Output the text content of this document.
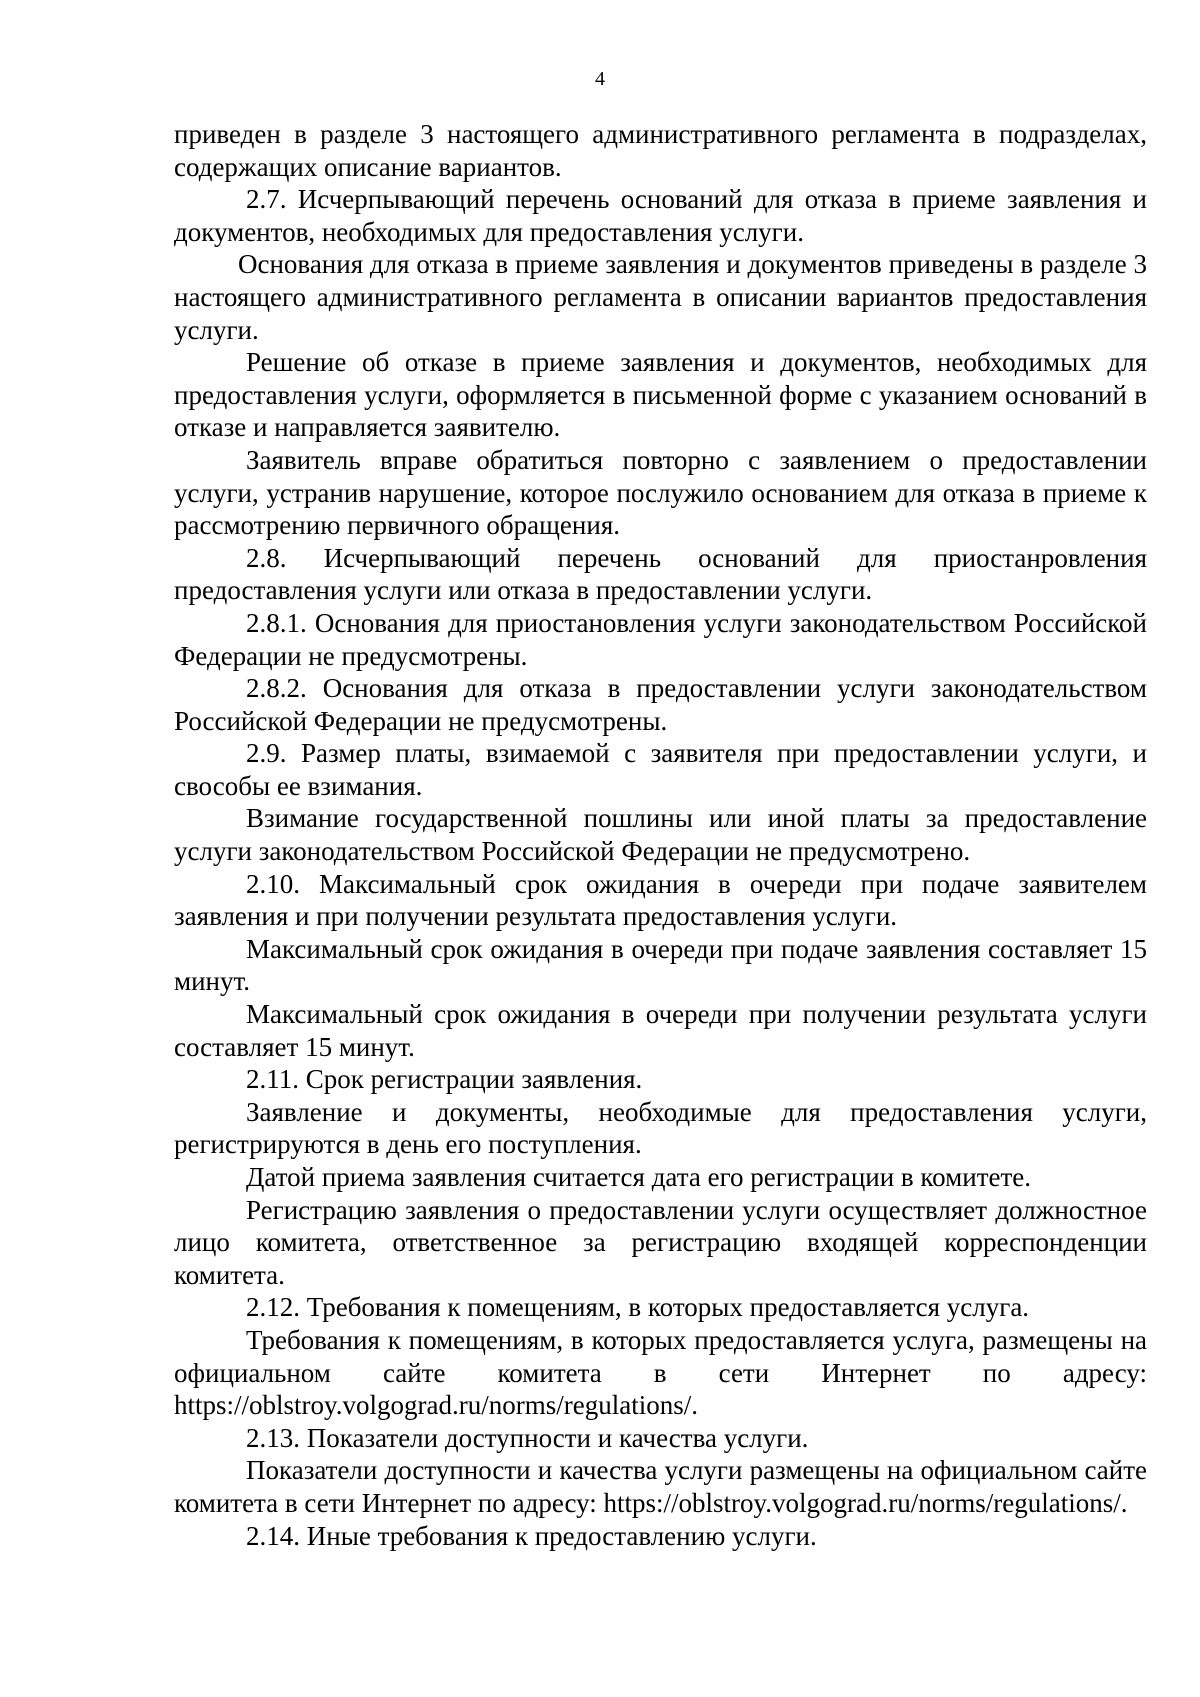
4

приведен в разделе 3 настоящего административного регламента в подразделах, содержащих описание вариантов.

2.7. Исчерпывающий перечень оснований для отказа в приеме заявления и документов, необходимых для предоставления услуги.

Основания для отказа в приеме заявления и документов приведены в разделе 3 настоящего административного регламента в описании вариантов предоставления услуги.

Решение об отказе в приеме заявления и документов, необходимых для предоставления услуги, оформляется в письменной форме с указанием оснований в отказе и направляется заявителю.

Заявитель вправе обратиться повторно с заявлением о предоставлении услуги, устранив нарушение, которое послужило основанием для отказа в приеме к рассмотрению первичного обращения.

2.8. Исчерпывающий перечень оснований для приостанровления предоставления услуги или отказа в предоставлении услуги.

2.8.1. Основания для приостановления услуги законодательством Российской Федерации не предусмотрены.

2.8.2. Основания для отказа в предоставлении услуги законодательством Российской Федерации не предусмотрены.

2.9. Размер платы, взимаемой с заявителя при предоставлении услуги, и свособы ее взимания.

Взимание государственной пошлины или иной платы за предоставление услуги законодательством Российской Федерации не предусмотрено.

2.10. Максимальный срок ожидания в очереди при подаче заявителем заявления и при получении результата предоставления услуги.

Максимальный срок ожидания в очереди при подаче заявления составляет 15 минут.

Максимальный срок ожидания в очереди при получении результата услуги составляет 15 минут.

2.11. Срок регистрации заявления.

Заявление и документы, необходимые для предоставления услуги, регистрируются в день его поступления.

Датой приема заявления считается дата его регистрации в комитете.

Регистрацию заявления о предоставлении услуги осуществляет должностное лицо комитета, ответственное за регистрацию входящей корреспонденции комитета.

2.12. Требования к помещениям, в которых предоставляется услуга.

Требования к помещениям, в которых предоставляется услуга, размещены на официальном сайте комитета в сети Интернет по адресу: https://oblstroy.volgograd.ru/norms/regulations/.

2.13. Показатели доступности и качества услуги.

Показатели доступности и качества услуги размещены на официальном сайте комитета в сети Интернет по адресу: https://oblstroy.volgograd.ru/norms/regulations/.

2.14. Иные требования к предоставлению услуги.
